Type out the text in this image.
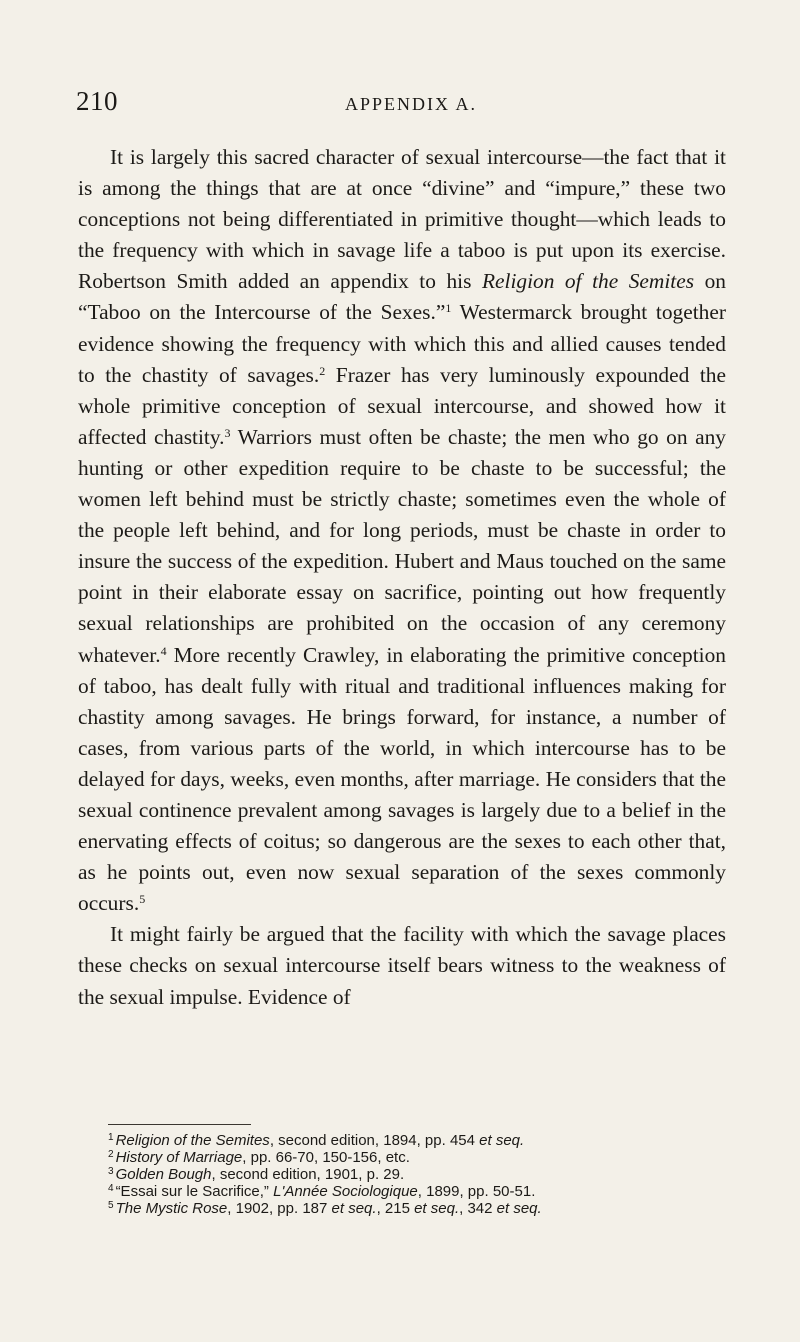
210	APPENDIX A.

It is largely this sacred character of sexual intercourse—the fact that it is among the things that are at once “divine” and “impure,” these two conceptions not being differentiated in primitive thought—which leads to the frequency with which in savage life a taboo is put upon its exercise. Robertson Smith added an appendix to his Religion of the Semites on “Taboo on the Intercourse of the Sexes.”$^1$ Westermarck brought together evidence showing the frequency with which this and allied causes tended to the chastity of savages.$^2$ Frazer has very luminously expounded the whole primitive conception of sexual intercourse, and showed how it affected chastity.$^3$ Warriors must often be chaste; the men who go on any hunting or other expedition require to be chaste to be successful; the women left behind must be strictly chaste; sometimes even the whole of the people left behind, and for long periods, must be chaste in order to insure the success of the expedition. Hubert and Maus touched on the same point in their elaborate essay on sacrifice, pointing out how frequently sexual relationships are prohibited on the occasion of any ceremony whatever.$^4$ More recently Crawley, in elaborating the primitive conception of taboo, has dealt fully with ritual and traditional influences making for chastity among savages. He brings forward, for instance, a number of cases, from various parts of the world, in which intercourse has to be delayed for days, weeks, even months, after marriage. He considers that the sexual continence prevalent among savages is largely due to a belief in the enervating effects of coitus; so dangerous are the sexes to each other that, as he points out, even now sexual separation of the sexes commonly occurs.$^5$

It might fairly be argued that the facility with which the savage places these checks on sexual intercourse itself bears witness to the weakness of the sexual impulse. Evidence of

$^1$ Religion of the Semites, second edition, 1894, pp. 454 et seq.

$^2$ History of Marriage, pp. 66-70, 150-156, etc.

$^3$ Golden Bough, second edition, 1901, p. 29.

$^4$ “Essai sur le Sacrifice,” L'Année Sociologique, 1899, pp. 50-51.

$^5$ The Mystic Rose, 1902, pp. 187 et seq., 215 et seq., 342 et seq.
